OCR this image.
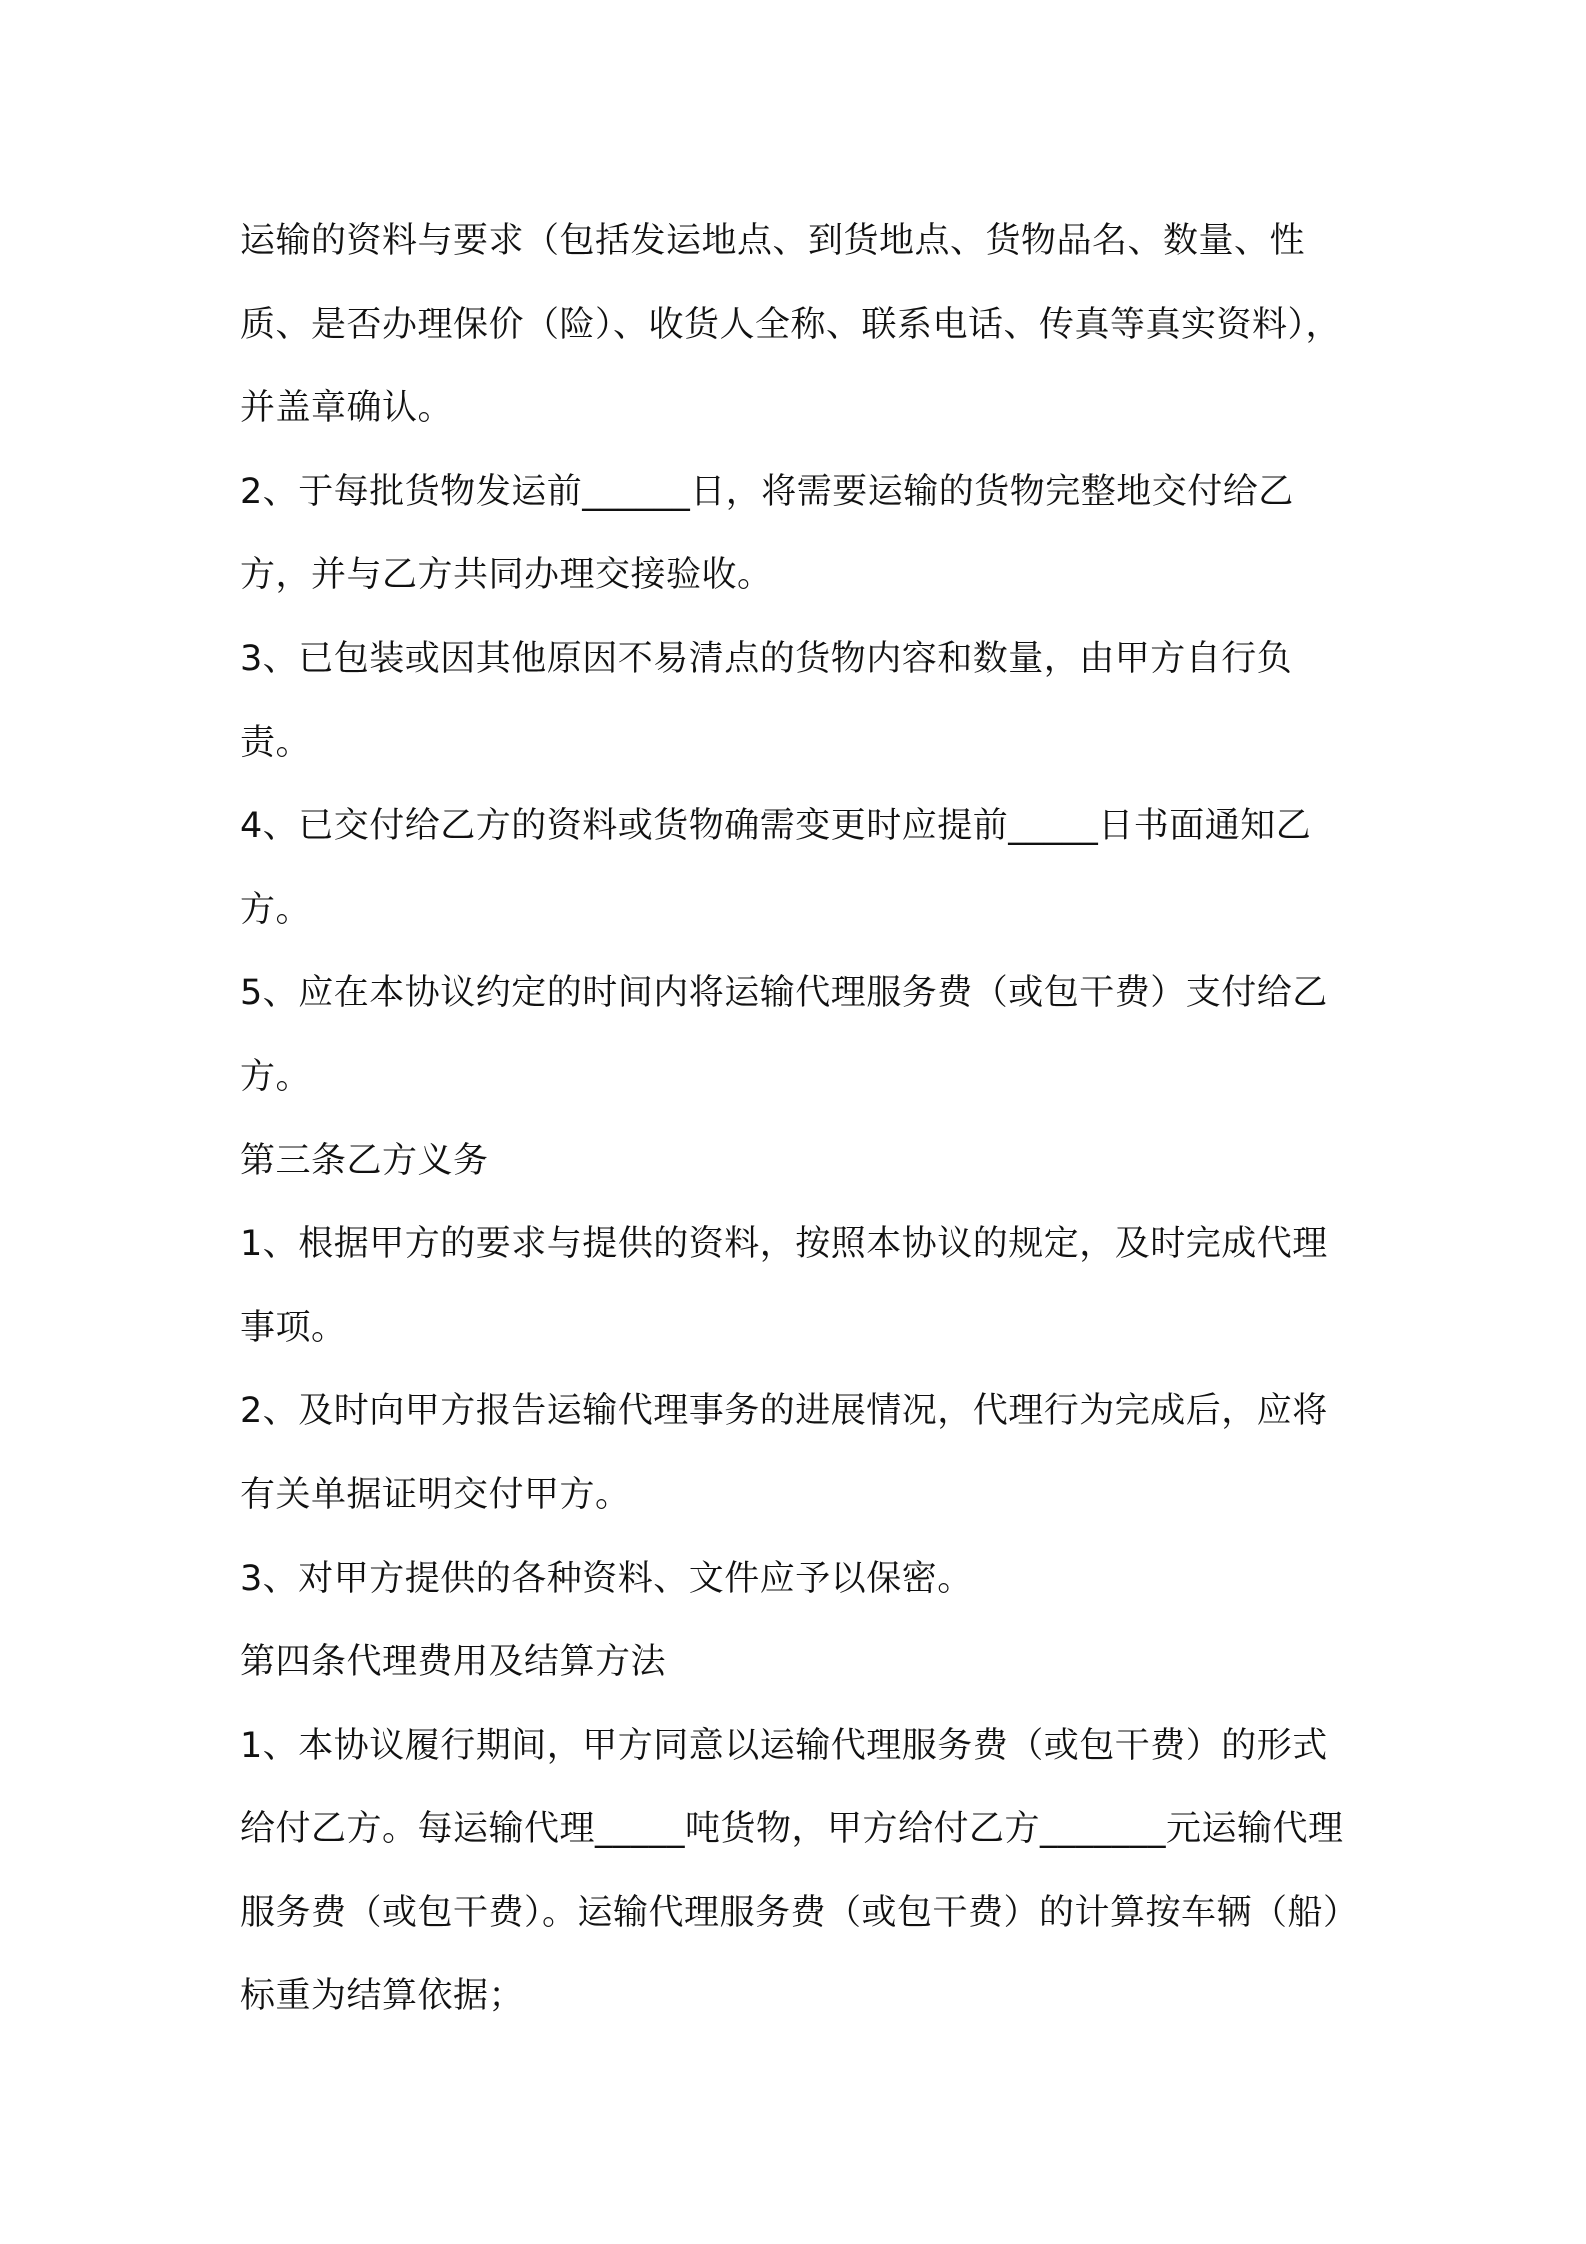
运输的资料与要求（包括发运地点、到货地点、货物品名、数量、性质、是否办理保价（险）、收货人全称、联系电话、传真等真实资料），并盖章确认。

2、于每批货物发运前______日，将需要运输的货物完整地交付给乙方，并与乙方共同办理交接验收。

3、已包装或因其他原因不易清点的货物内容和数量，由甲方自行负责。

4、已交付给乙方的资料或货物确需变更时应提前_____日书面通知乙方。

5、应在本协议约定的时间内将运输代理服务费（或包干费）支付给乙方。

第三条乙方义务

1、根据甲方的要求与提供的资料，按照本协议的规定，及时完成代理事项。

2、及时向甲方报告运输代理事务的进展情况，代理行为完成后，应将有关单据证明交付甲方。

3、对甲方提供的各种资料、文件应予以保密。

第四条代理费用及结算方法

1、本协议履行期间，甲方同意以运输代理服务费（或包干费）的形式给付乙方。每运输代理_____吨货物，甲方给付乙方_______元运输代理服务费（或包干费）。运输代理服务费（或包干费）的计算按车辆（船）标重为结算依据；
